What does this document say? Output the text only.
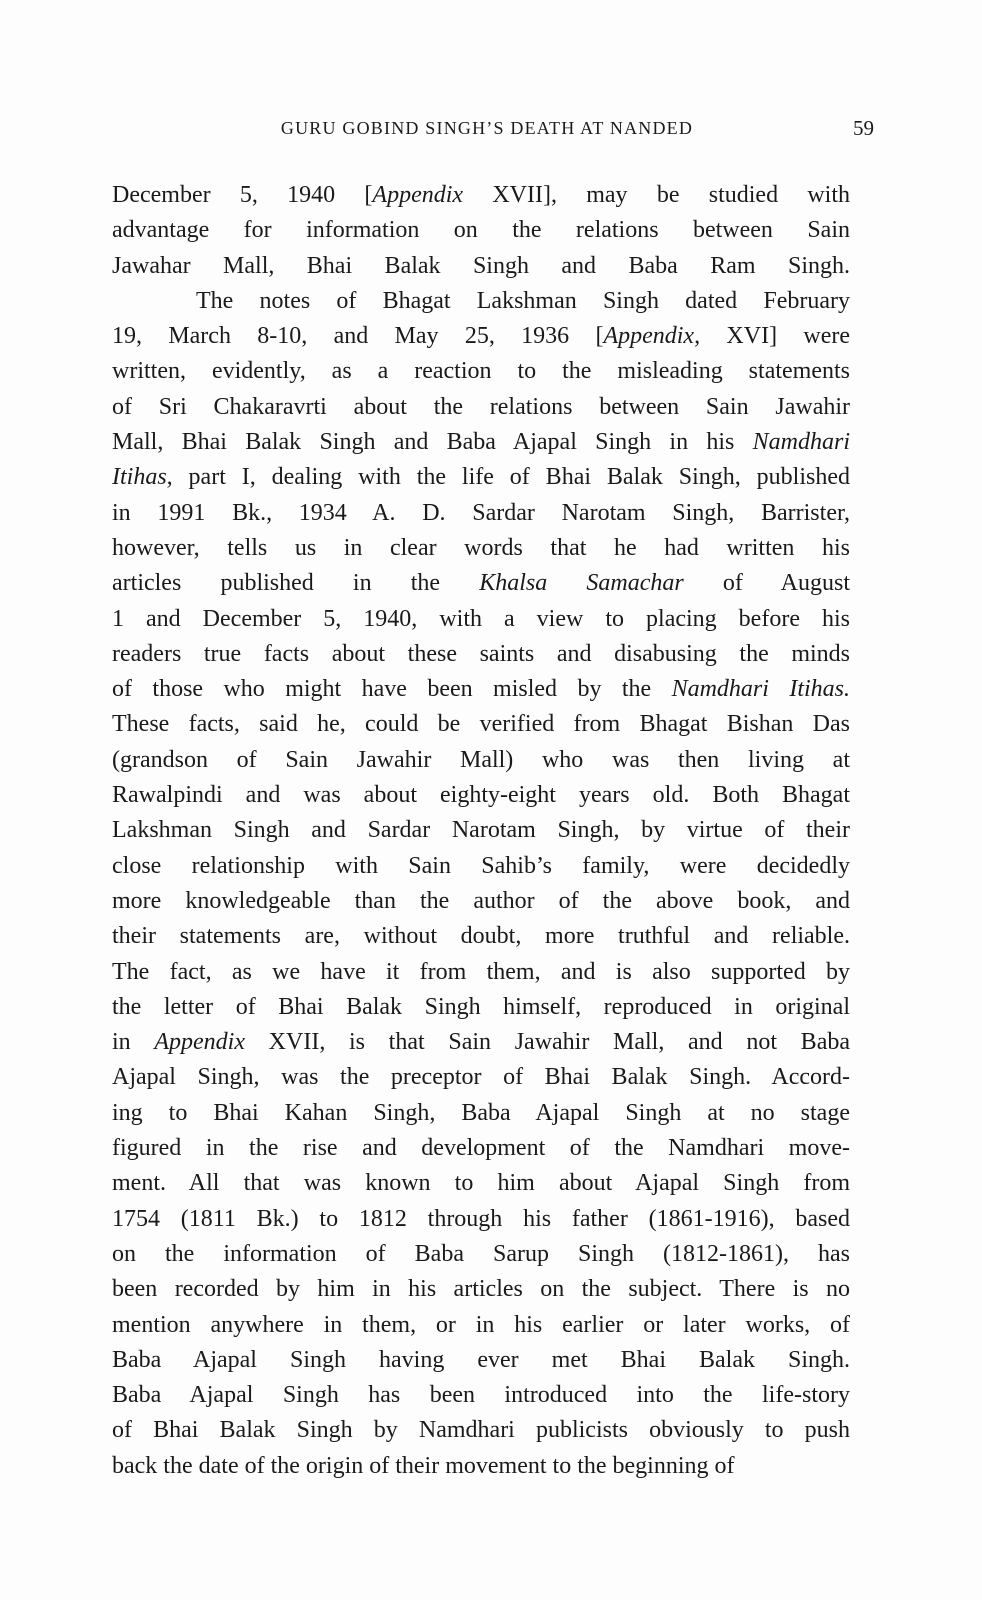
GURU GOBIND SINGH’S DEATH AT NANDED	59
December 5, 1940 [Appendix XVII], may be studied with
advantage for information on the relations between Sain
Jawahar Mall, Bhai Balak Singh and Baba Ram Singh.
The notes of Bhagat Lakshman Singh dated February
19, March 8-10, and May 25, 1936 [Appendix, XVI] were
written, evidently, as a reaction to the misleading statements
of Sri Chakaravrti about the relations between Sain Jawahir
Mall, Bhai Balak Singh and Baba Ajapal Singh in his Namdhari
Itihas, part I, dealing with the life of Bhai Balak Singh, published
in 1991 Bk., 1934 A. D. Sardar Narotam Singh, Barrister,
however, tells us in clear words that he had written his
articles published in the Khalsa Samachar of August
1 and December 5, 1940, with a view to placing before his
readers true facts about these saints and disabusing the minds
of those who might have been misled by the Namdhari Itihas.
These facts, said he, could be verified from Bhagat Bishan Das
(grandson of Sain Jawahir Mall) who was then living at
Rawalpindi and was about eighty-eight years old. Both Bhagat
Lakshman Singh and Sardar Narotam Singh, by virtue of their
close relationship with Sain Sahib’s family, were decidedly
more knowledgeable than the author of the above book, and
their statements are, without doubt, more truthful and reliable.
The fact, as we have it from them, and is also supported by
the letter of Bhai Balak Singh himself, reproduced in original
in Appendix XVII, is that Sain Jawahir Mall, and not Baba
Ajapal Singh, was the preceptor of Bhai Balak Singh. Accord-
ing to Bhai Kahan Singh, Baba Ajapal Singh at no stage
figured in the rise and development of the Namdhari move-
ment. All that was known to him about Ajapal Singh from
1754 (1811 Bk.) to 1812 through his father (1861-1916), based
on the information of Baba Sarup Singh (1812-1861), has
been recorded by him in his articles on the subject. There is no
mention anywhere in them, or in his earlier or later works, of
Baba Ajapal Singh having ever met Bhai Balak Singh.
Baba Ajapal Singh has been introduced into the life-story
of Bhai Balak Singh by Namdhari publicists obviously to push
back the date of the origin of their movement to the beginning of
